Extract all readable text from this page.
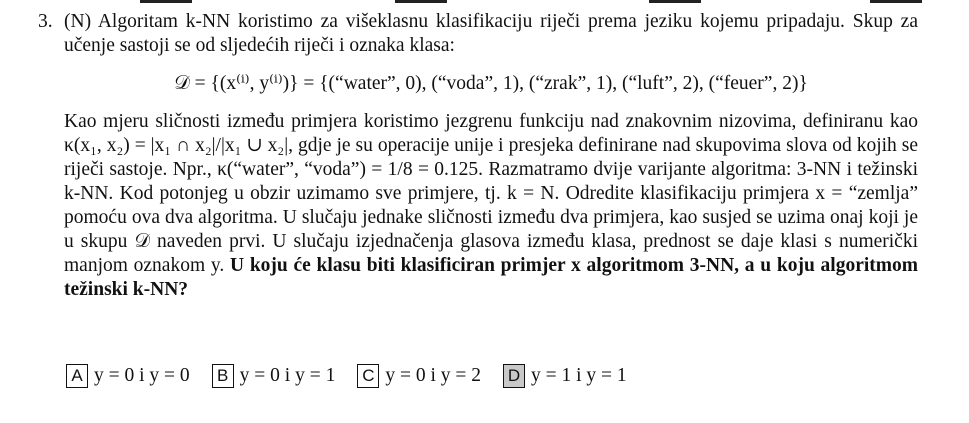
3. (N) Algoritam k-NN koristimo za višeklasnu klasifikaciju riječi prema jeziku kojemu pripadaju. Skup za učenje sastoji se od sljedećih riječi i oznaka klasa:
𝒟 = {(x⁽ⁱ⁾, y⁽ⁱ⁾)} = {(“water”, 0), (“voda”, 1), (“zrak”, 1), (“luft”, 2), (“feuer”, 2)}
Kao mjeru sličnosti između primjera koristimo jezgrenu funkciju nad znakovnim nizovima, definiranu kao κ(x₁, x₂) = |x₁ ∩ x₂|/|x₁ ∪ x₂|, gdje je su operacije unije i presjeka definirane nad skupovima slova od kojih se riječi sastoje. Npr., κ(“water”, “voda”) = 1/8 = 0.125. Razmatramo dvije varijante algoritma: 3-NN i težinski k-NN. Kod potonjeg u obzir uzimamo sve primjere, tj. k = N. Odredite klasifikaciju primjera x = “zemlja” pomoću ova dva algoritma. U slučaju jednake sličnosti između dva primjera, kao susjed se uzima onaj koji je u skupu 𝒟 naveden prvi. U slučaju izjednačenja glasova između klasa, prednost se daje klasi s numerički manjom oznakom y. U koju će klasu biti klasificiran primjer x algoritmom 3-NN, a u koju algoritmom težinski k-NN?
A y = 0 i y = 0	B y = 0 i y = 1 C y = 0 i y = 2 D y = 1 i y = 1
